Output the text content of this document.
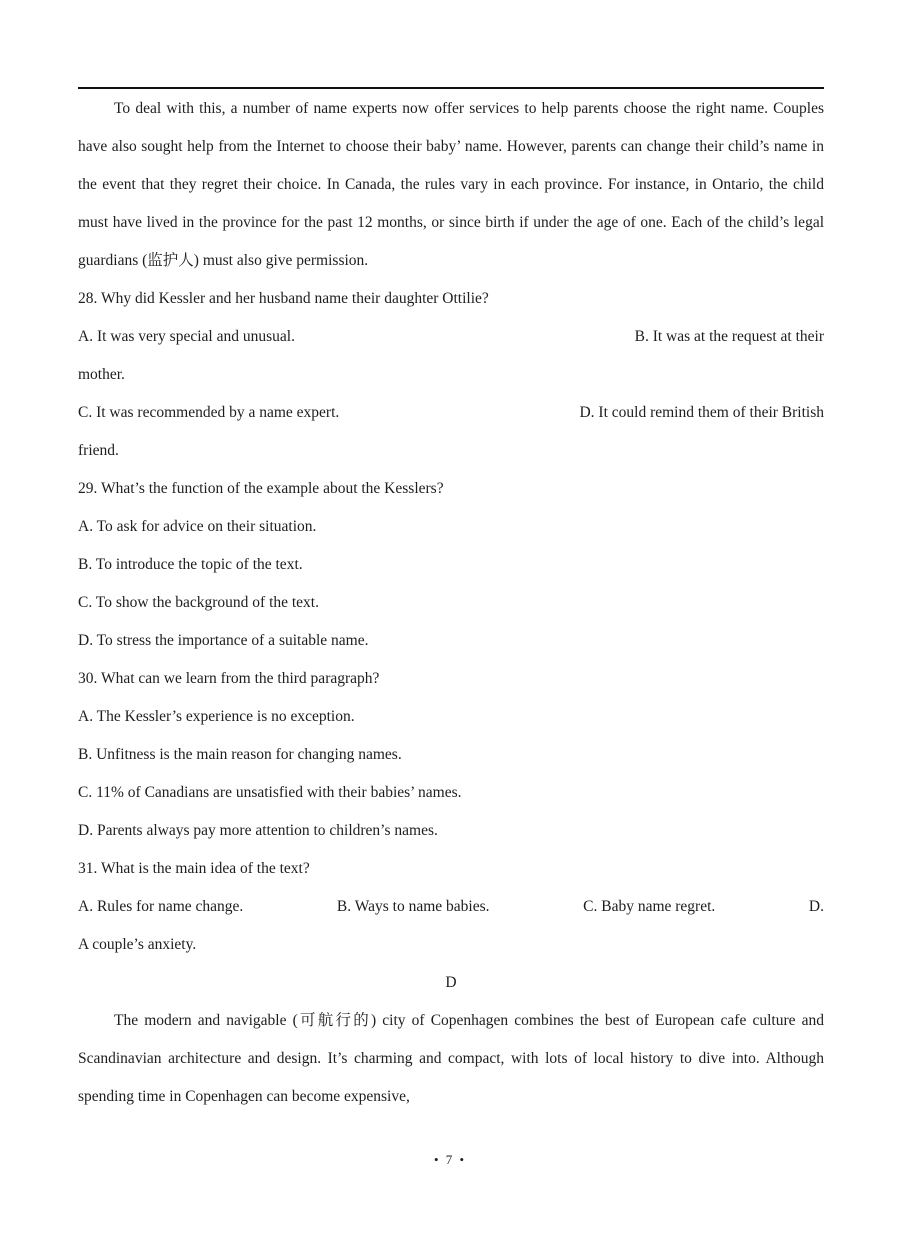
To deal with this, a number of name experts now offer services to help parents choose the right name. Couples have also sought help from the Internet to choose their baby’ name. However, parents can change their child’s name in the event that they regret their choice. In Canada, the rules vary in each province. For instance, in Ontario, the child must have lived in the province for the past 12 months, or since birth if under the age of one. Each of the child’s legal guardians (监护人) must also give permission.

28. Why did Kessler and her husband name their daughter Ottilie?

A. It was very special and unusual.	B. It was at the request at their

mother.

C. It was recommended by a name expert.	D. It could remind them of their British

friend.

29. What’s the function of the example about the Kesslers?

A. To ask for advice on their situation.

B. To introduce the topic of the text.

C. To show the background of the text.

D. To stress the importance of a suitable name.

30. What can we learn from the third paragraph?

A. The Kessler’s experience is no exception.

B. Unfitness is the main reason for changing names.

C. 11% of Canadians are unsatisfied with their babies’ names.

D. Parents always pay more attention to children’s names.

31. What is the main idea of the text?

A. Rules for name change.	B. Ways to name babies.	C. Baby name regret.	D.

A couple’s anxiety.

D

The modern and navigable (可航行的) city of Copenhagen combines the best of European cafe culture and Scandinavian architecture and design. It’s charming and compact, with lots of local history to dive into. Although spending time in Copenhagen can become expensive,

• 7 •
